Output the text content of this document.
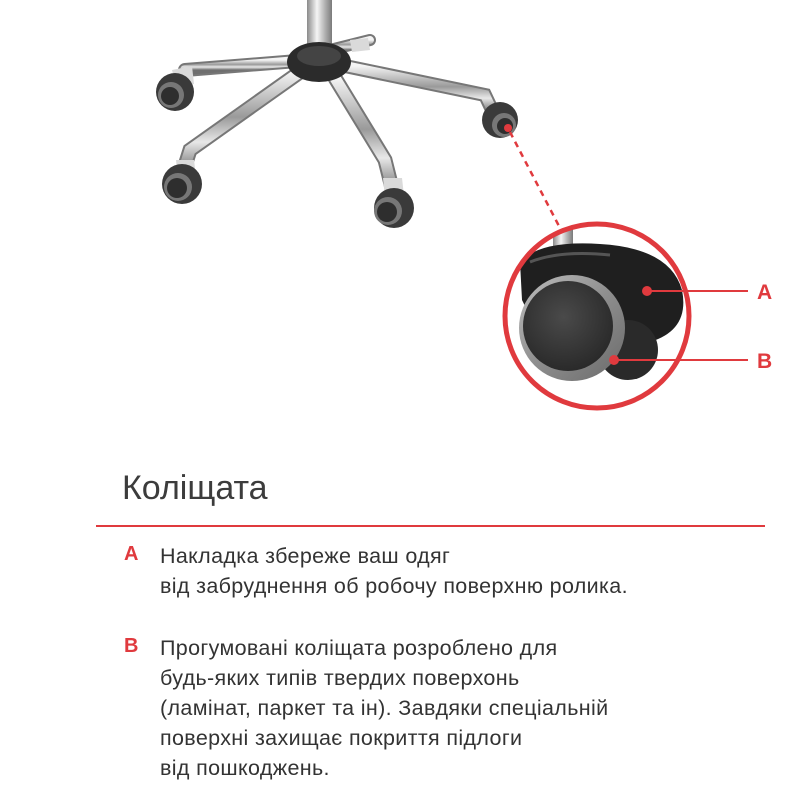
A
B
Коліщата
A Накладка збереже ваш одяг
від забруднення об робочу поверхню ролика.
B Прогумовані коліщата розроблено для
будь-яких типів твердих поверхонь
(ламінат, паркет та ін). Завдяки спеціальній
поверхні захищає покриття підлоги
від пошкоджень.
